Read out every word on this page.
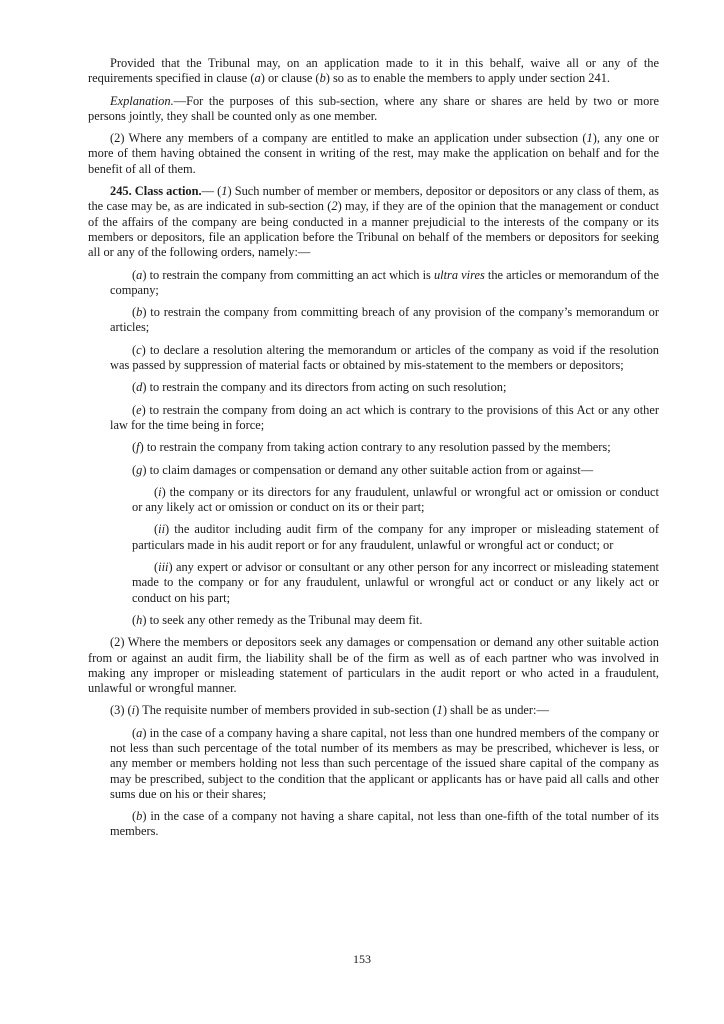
Provided that the Tribunal may, on an application made to it in this behalf, waive all or any of the requirements specified in clause (a) or clause (b) so as to enable the members to apply under section 241.

Explanation.—For the purposes of this sub-section, where any share or shares are held by two or more persons jointly, they shall be counted only as one member.

(2) Where any members of a company are entitled to make an application under subsection (1), any one or more of them having obtained the consent in writing of the rest, may make the application on behalf and for the benefit of all of them.

245. Class action.— (1) Such number of member or members, depositor or depositors or any class of them, as the case may be, as are indicated in sub-section (2) may, if they are of the opinion that the management or conduct of the affairs of the company are being conducted in a manner prejudicial to the interests of the company or its members or depositors, file an application before the Tribunal on behalf of the members or depositors for seeking all or any of the following orders, namely:—

(a) to restrain the company from committing an act which is ultra vires the articles or memorandum of the company;

(b) to restrain the company from committing breach of any provision of the company’s memorandum or articles;

(c) to declare a resolution altering the memorandum or articles of the company as void if the resolution was passed by suppression of material facts or obtained by mis-statement to the members or depositors;

(d) to restrain the company and its directors from acting on such resolution;

(e) to restrain the company from doing an act which is contrary to the provisions of this Act or any other law for the time being in force;

(f) to restrain the company from taking action contrary to any resolution passed by the members;

(g) to claim damages or compensation or demand any other suitable action from or against—

(i) the company or its directors for any fraudulent, unlawful or wrongful act or omission or conduct or any likely act or omission or conduct on its or their part;

(ii) the auditor including audit firm of the company for any improper or misleading statement of particulars made in his audit report or for any fraudulent, unlawful or wrongful act or conduct; or

(iii) any expert or advisor or consultant or any other person for any incorrect or misleading statement made to the company or for any fraudulent, unlawful or wrongful act or conduct or any likely act or conduct on his part;

(h) to seek any other remedy as the Tribunal may deem fit.

(2) Where the members or depositors seek any damages or compensation or demand any other suitable action from or against an audit firm, the liability shall be of the firm as well as of each partner who was involved in making any improper or misleading statement of particulars in the audit report or who acted in a fraudulent, unlawful or wrongful manner.

(3) (i) The requisite number of members provided in sub-section (1) shall be as under:—

(a) in the case of a company having a share capital, not less than one hundred members of the company or not less than such percentage of the total number of its members as may be prescribed, whichever is less, or any member or members holding not less than such percentage of the issued share capital of the company as may be prescribed, subject to the condition that the applicant or applicants has or have paid all calls and other sums due on his or their shares;

(b) in the case of a company not having a share capital, not less than one-fifth of the total number of its members.

153
